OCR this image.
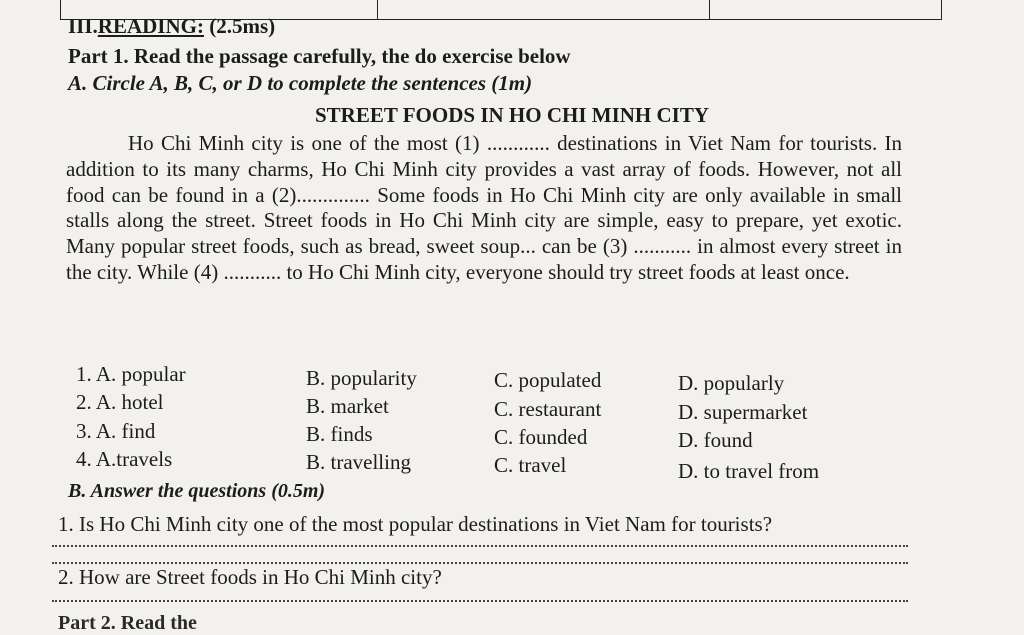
III.READING: (2.5ms)
Part 1. Read the passage carefully, the do exercise below
A. Circle A, B, C, or D to complete the sentences (1m)
STREET FOODS IN HO CHI MINH CITY
Ho Chi Minh city is one of the most (1) ............ destinations in Viet Nam for tourists. In addition to its many charms, Ho Chi Minh city provides a vast array of foods. However, not all food can be found in a (2).............. Some foods in Ho Chi Minh city are only available in small stalls along the street. Street foods in Ho Chi Minh city are simple, easy to prepare, yet exotic. Many popular street foods, such as bread, sweet soup... can be (3) ........... in almost every street in the city. While (4) ........... to Ho Chi Minh city, everyone should try street foods at least once.
1. A. popular	B. popularity	C. populated	D. popularly
2. A. hotel	B. market	C. restaurant	D. supermarket
3. A. find	B. finds	C. founded	D. found
4. A.travels	B. travelling	C. travel	D. to travel from
B. Answer the questions (0.5m)
1. Is Ho Chi Minh city one of the most popular destinations in Viet Nam for tourists?
2. How are Street foods in Ho Chi Minh city?
Part 2. Read the
